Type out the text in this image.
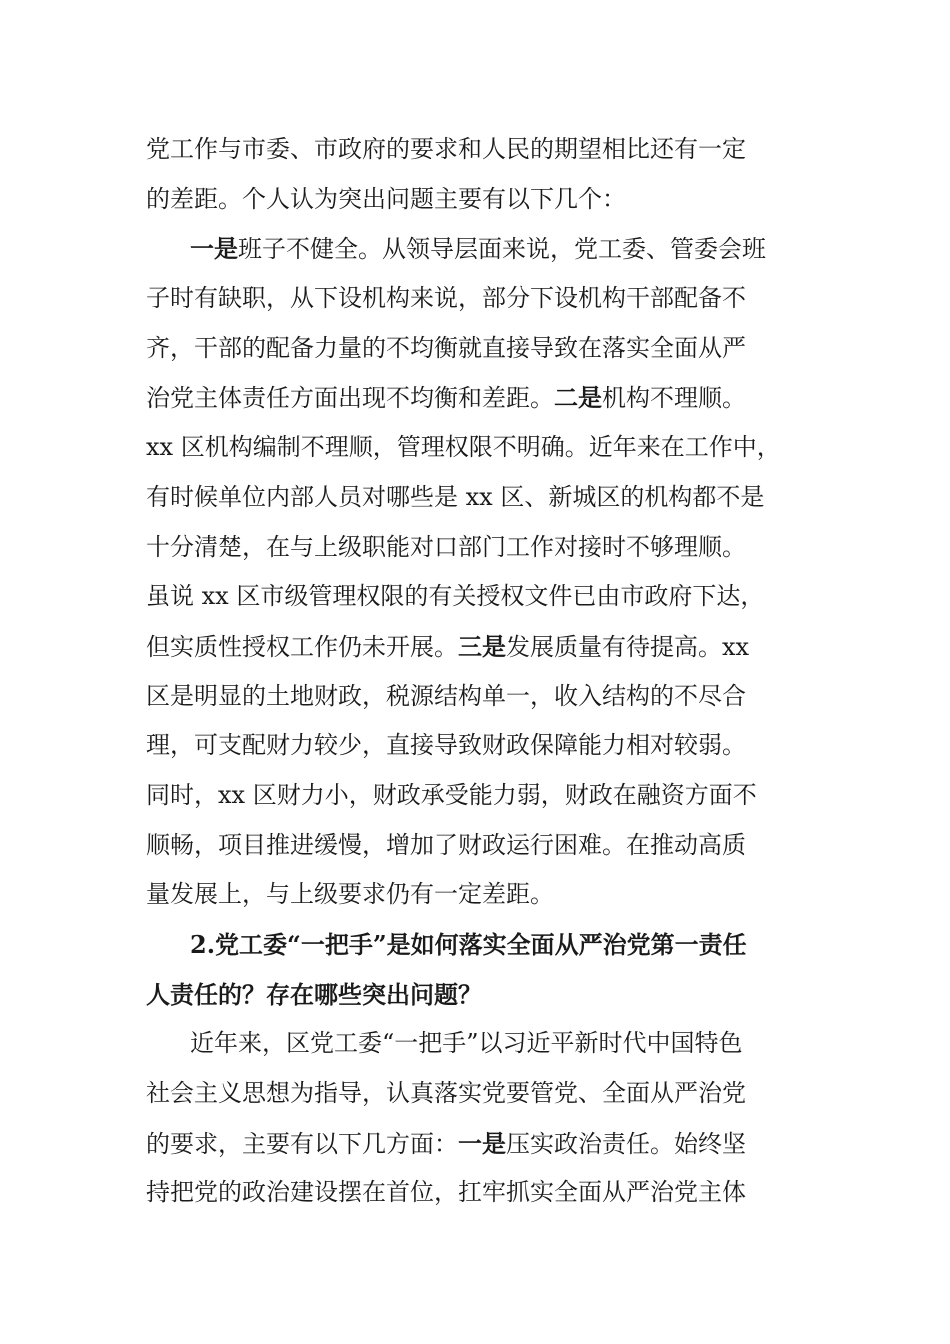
党工作与市委、市政府的要求和人民的期望相比还有一定
的差距。个人认为突出问题主要有以下几个：
一是班子不健全。从领导层面来说，党工委、管委会班
子时有缺职，从下设机构来说，部分下设机构干部配备不
齐，干部的配备力量的不均衡就直接导致在落实全面从严
治党主体责任方面出现不均衡和差距。二是机构不理顺。
xx 区机构编制不理顺，管理权限不明确。近年来在工作中，
有时候单位内部人员对哪些是 xx 区、新城区的机构都不是
十分清楚，在与上级职能对口部门工作对接时不够理顺。
虽说 xx 区市级管理权限的有关授权文件已由市政府下达，
但实质性授权工作仍未开展。三是发展质量有待提高。xx
区是明显的土地财政，税源结构单一，收入结构的不尽合
理，可支配财力较少，直接导致财政保障能力相对较弱。
同时，xx 区财力小，财政承受能力弱，财政在融资方面不
顺畅，项目推进缓慢，增加了财政运行困难。在推动高质
量发展上，与上级要求仍有一定差距。
2.党工委“一把手”是如何落实全面从严治党第一责任
人责任的？存在哪些突出问题？
近年来，区党工委“一把手”以习近平新时代中国特色
社会主义思想为指导，认真落实党要管党、全面从严治党
的要求，主要有以下几方面：一是压实政治责任。始终坚
持把党的政治建设摆在首位，扛牢抓实全面从严治党主体
